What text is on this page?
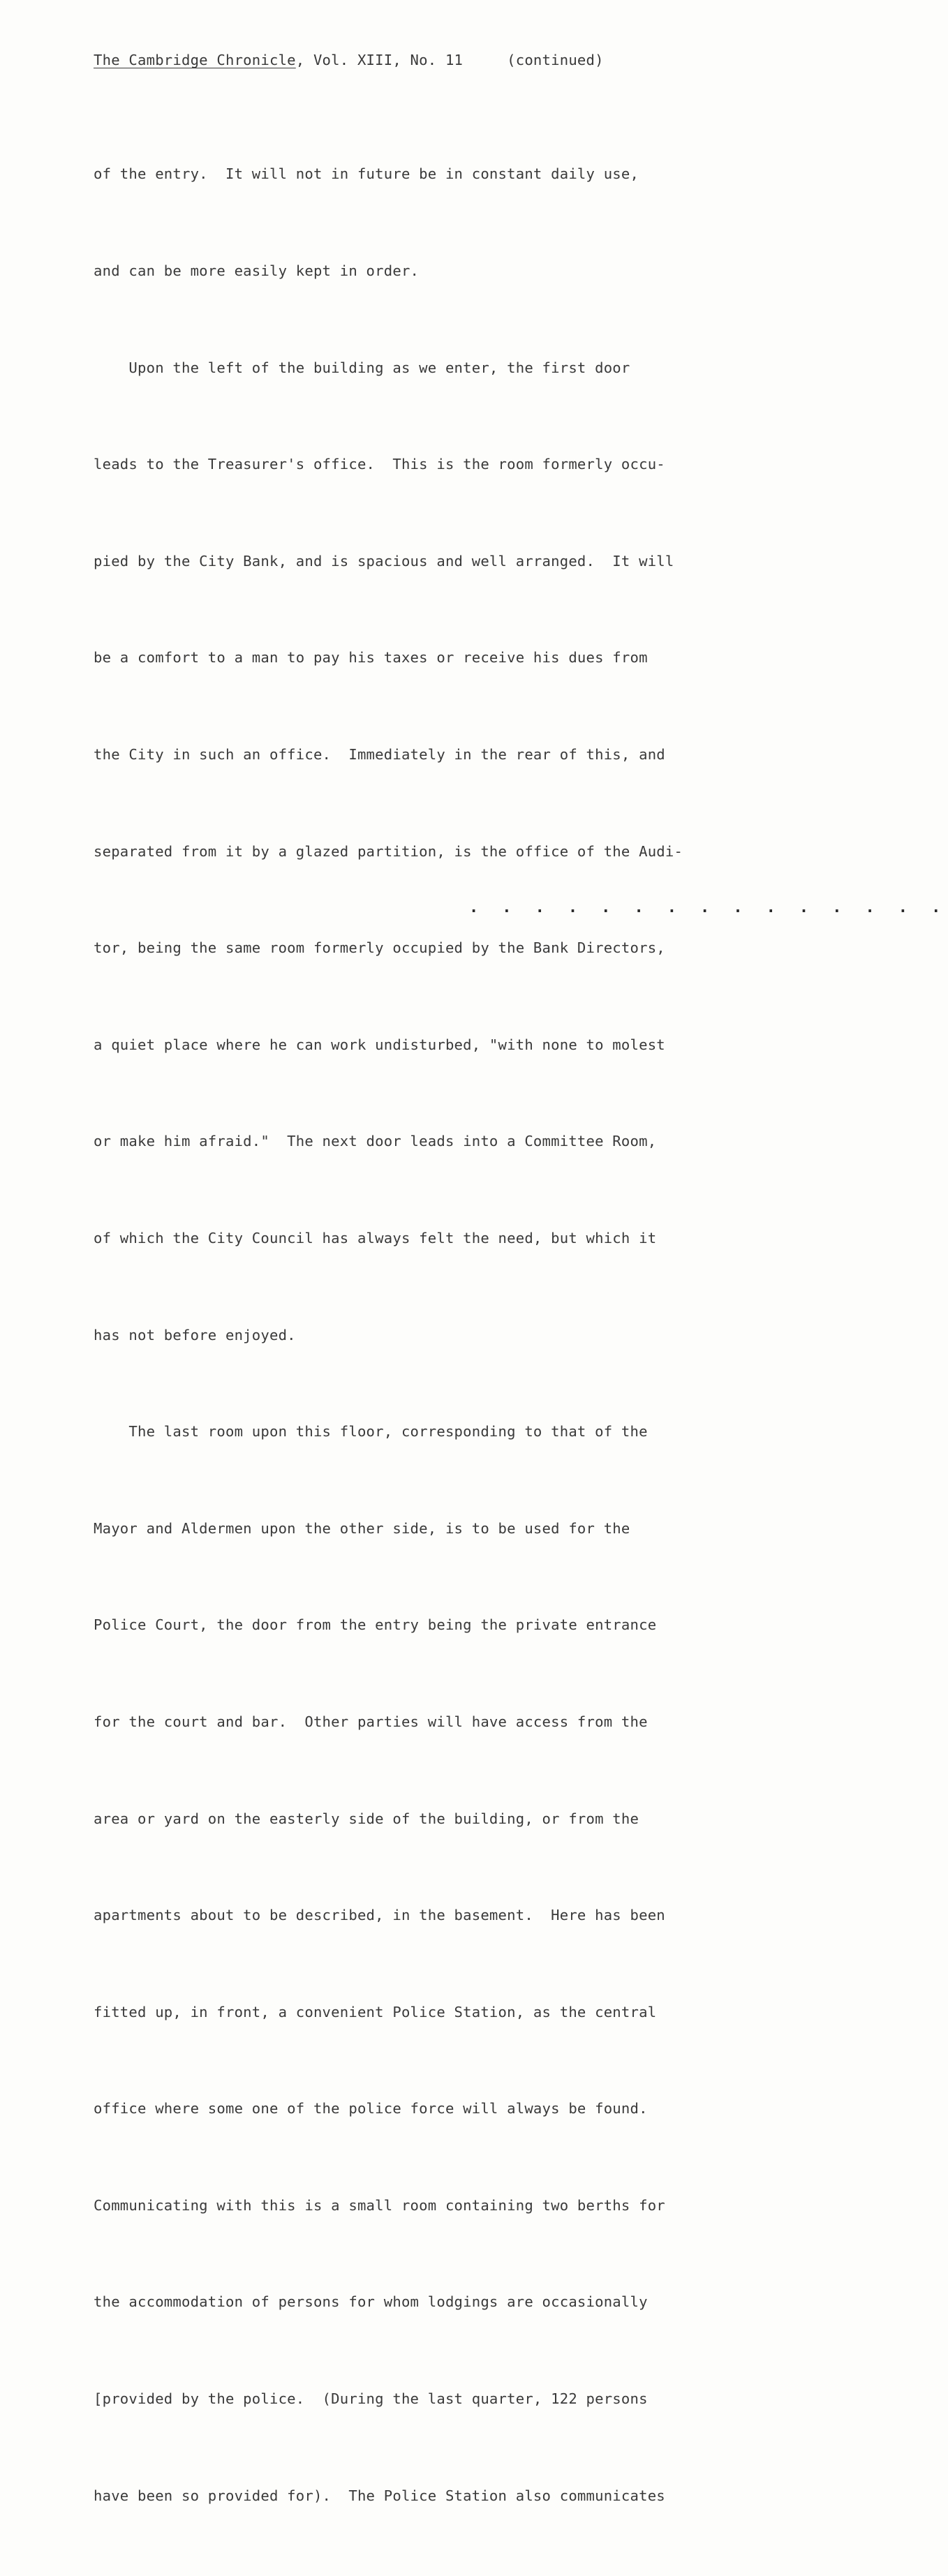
The Cambridge Chronicle, Vol. XIII, No. 11	(continued)

of the entry.  It will not in future be in constant daily use,

and can be more easily kept in order.

Upon the left of the building as we enter, the first door

leads to the Treasurer's office.  This is the room formerly occu-

pied by the City Bank, and is spacious and well arranged.  It will

be a comfort to a man to pay his taxes or receive his dues from

the City in such an office.  Immediately in the rear of this, and

separated from it by a glazed partition, is the office of the Audi-

tor, being the same room formerly occupied by the Bank Directors,

a quiet place where he can work undisturbed, "with none to molest

or make him afraid."  The next door leads into a Committee Room,

of which the City Council has always felt the need, but which it

has not before enjoyed.

The last room upon this floor, corresponding to that of the

Mayor and Aldermen upon the other side, is to be used for the

Police Court, the door from the entry being the private entrance

for the court and bar.  Other parties will have access from the

area or yard on the easterly side of the building, or from the

apartments about to be described, in the basement.  Here has been

fitted up, in front, a convenient Police Station, as the central

office where some one of the police force will always be found.

Communicating with this is a small room containing two berths for

the accommodation of persons for whom lodgings are occasionally

[provided by the police.  (During the last quarter, 122 persons

have been so provided for).  The Police Station also communicates

. . . . . . . . . . . . . . .
